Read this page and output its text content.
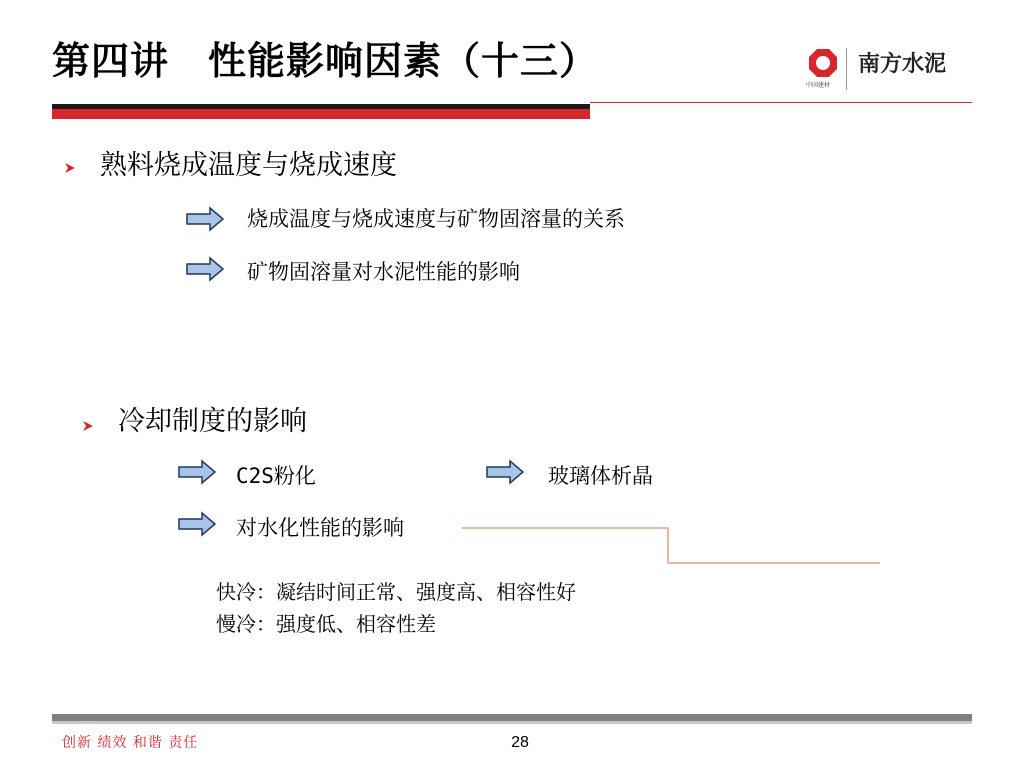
第四讲　性能影响因素（十三）
中国建材
南方水泥
熟料烧成温度与烧成速度
烧成温度与烧成速度与矿物固溶量的关系
矿物固溶量对水泥性能的影响
冷却制度的影响
C2S粉化	玻璃体析晶
对水化性能的影响
快冷：凝结时间正常、强度高、相容性好
慢冷：强度低、相容性差
创新 绩效 和谐 责任	28
